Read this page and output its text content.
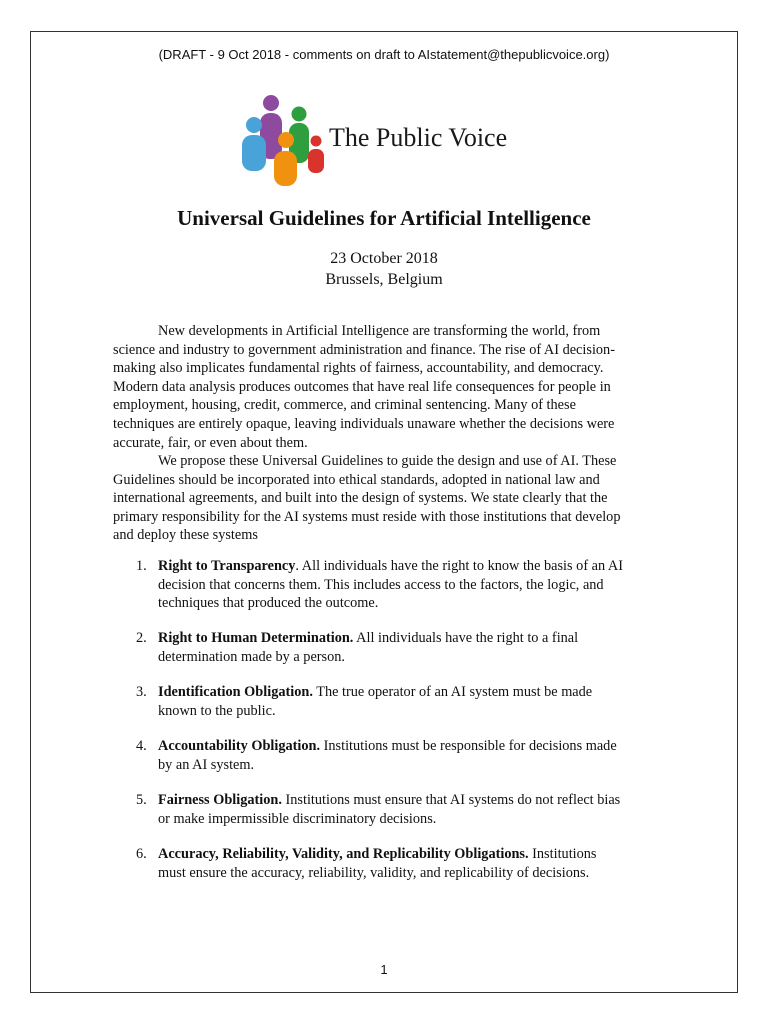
(DRAFT - 9 Oct 2018 - comments on draft to AIstatement@thepublicvoice.org)
The Public Voice
Universal Guidelines for Artificial Intelligence
23 October 2018
Brussels, Belgium
New developments in Artificial Intelligence are transforming the world, from
science and industry to government administration and finance. The rise of AI decision-
making also implicates fundamental rights of fairness, accountability, and democracy.
Modern data analysis produces outcomes that have real life consequences for people in
employment, housing, credit, commerce, and criminal sentencing. Many of these
techniques are entirely opaque, leaving individuals unaware whether the decisions were
accurate, fair, or even about them.
We propose these Universal Guidelines to guide the design and use of AI. These
Guidelines should be incorporated into ethical standards, adopted in national law and
international agreements, and built into the design of systems. We state clearly that the
primary responsibility for the AI systems must reside with those institutions that develop
and deploy these systems
1. Right to Transparency. All individuals have the right to know the basis of an AI
decision that concerns them. This includes access to the factors, the logic, and
techniques that produced the outcome.
2. Right to Human Determination. All individuals have the right to a final
determination made by a person.
3. Identification Obligation. The true operator of an AI system must be made
known to the public.
4. Accountability Obligation. Institutions must be responsible for decisions made
by an AI system.
5. Fairness Obligation. Institutions must ensure that AI systems do not reflect bias
or make impermissible discriminatory decisions.
6. Accuracy, Reliability, Validity, and Replicability Obligations. Institutions
must ensure the accuracy, reliability, validity, and replicability of decisions.
1
